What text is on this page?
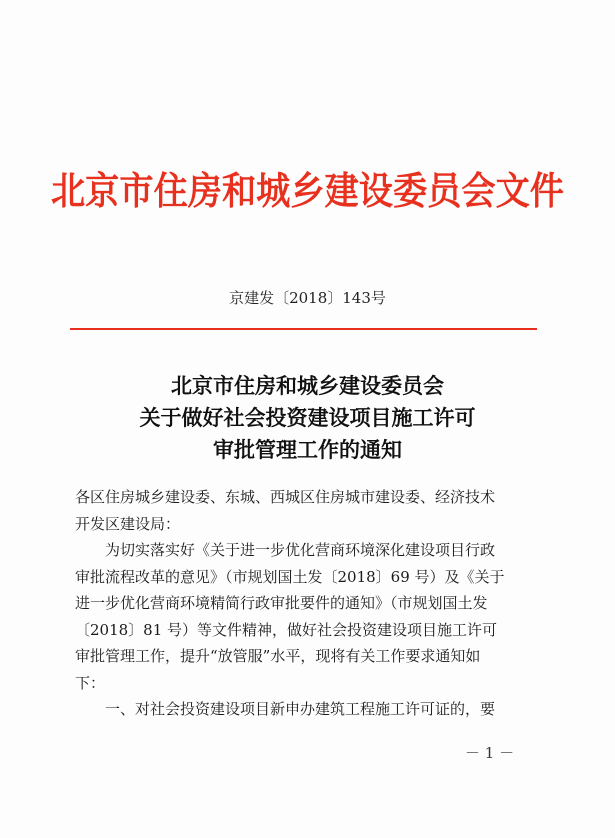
北京市住房和城乡建设委员会文件
京建发〔2018〕143号
北京市住房和城乡建设委员会
关于做好社会投资建设项目施工许可
审批管理工作的通知
各区住房城乡建设委、东城、西城区住房城市建设委、经济技术
开发区建设局：
为切实落实好《关于进一步优化营商环境深化建设项目行政
审批流程改革的意见》（市规划国土发〔2018〕69 号）及《关于
进一步优化营商环境精简行政审批要件的通知》（市规划国土发
〔2018〕81 号）等文件精神，做好社会投资建设项目施工许可
审批管理工作，提升“放管服”水平，现将有关工作要求通知如
下：
一、对社会投资建设项目新申办建筑工程施工许可证的，要
－ 1 －
